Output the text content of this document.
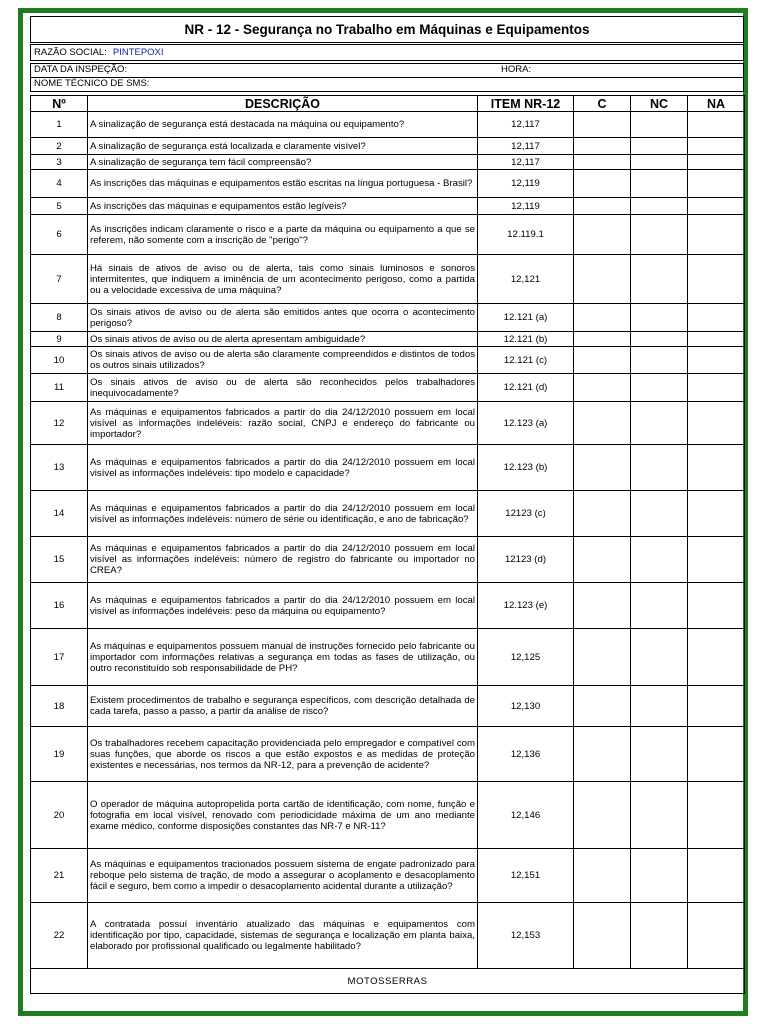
NR - 12 - Segurança no Trabalho em Máquinas e Equipamentos
RAZÃO SOCIAL: PINTEPOXI
DATA DA INSPEÇÃO:	HORA:
NOME TÉCNICO DE SMS:
Nº	DESCRIÇÃO	ITEM NR-12	C	NC	NA
1	A sinalização de segurança está destacada na máquina ou equipamento?	12,117			
2	A sinalização de segurança está localizada e claramente visível?	12,117			
3	A sinalização de segurança tem fácil compreensão?	12,117			
4	As inscrições das máquinas e equipamentos estão escritas na língua portuguesa - Brasil?	12,119			
5	As inscrições das máquinas e equipamentos estão legíveis?	12,119			
6	As inscrições indicam claramente o risco e a parte da máquina ou equipamento a que se referem, não somente com a inscrição de "perigo"?	12.119.1			
7	Há sinais de ativos de aviso ou de alerta, tais como sinais luminosos e sonoros intermitentes, que indiquem a iminência de um acontecimento perigoso, como a partida ou a velocidade excessiva de uma máquina?	12,121			
8	Os sinais ativos de aviso ou de alerta são emitidos antes que ocorra o acontecimento perigoso?	12.121 (a)			
9	Os sinais ativos de aviso ou de alerta apresentam ambiguidade?	12.121 (b)			
10	Os sinais ativos de aviso ou de alerta são claramente compreendidos e distintos de todos os outros sinais utilizados?	12.121 (c)			
11	Os sinais ativos de aviso ou de alerta são reconhecidos pelos trabalhadores inequivocadamente?	12.121 (d)			
12	As máquinas e equipamentos fabricados a partir do dia 24/12/2010 possuem em local visível as informações indeléveis: razão social, CNPJ e endereço do fabricante ou importador?	12.123 (a)			
13	As máquinas e equipamentos fabricados a partir do dia 24/12/2010 possuem em local visível as informações indeléveis: tipo modelo e capacidade?	12.123 (b)			
14	As máquinas e equipamentos fabricados a partir do dia 24/12/2010 possuem em local visível as informações indeléveis: número de série ou identificação, e ano de fabricação?	12123 (c)			
15	As máquinas e equipamentos fabricados a partir do dia 24/12/2010 possuem em local visível as informações indeléveis: número de registro do fabricante ou importador no CREA?	12123 (d)			
16	As máquinas e equipamentos fabricados a partir do dia 24/12/2010 possuem em local visível as informações indeléveis: peso da máquina ou equipamento?	12.123 (e)			
17	As máquinas e equipamentos possuem manual de instruções fornecido pelo fabricante ou importador com informações relativas a segurança em todas as fases de utilização, ou outro reconstituído sob responsabilidade de PH?	12,125			
18	Existem procedimentos de trabalho e segurança específicos, com descrição detalhada de cada tarefa, passo a passo, a partir da análise de risco?	12,130			
19	Os trabalhadores recebem capacitação providenciada pelo empregador e compatível com suas funções, que aborde os riscos a que estão expostos e as medidas de proteção existentes e necessárias, nos termos da NR-12, para a prevenção de acidente?	12,136			
20	O operador de máquina autopropelida porta cartão de identificação, com nome, função e fotografia em local visível, renovado com periodicidade máxima de um ano mediante exame médico, conforme disposições constantes das NR-7 e NR-11?	12,146			
21	As máquinas e equipamentos tracionados possuem sistema de engate padronizado para reboque pelo sistema de tração, de modo a assegurar o acoplamento e desacoplamento fácil e seguro, bem como a impedir o desacoplamento acidental durante a utilização?	12,151			
22	A contratada possuí inventário atualizado das máquinas e equipamentos com identificação por tipo, capacidade, sistemas de segurança e localização em planta baixa, elaborado por profissional qualificado ou legalmente habilitado?	12,153			
MOTOSSERRAS					
